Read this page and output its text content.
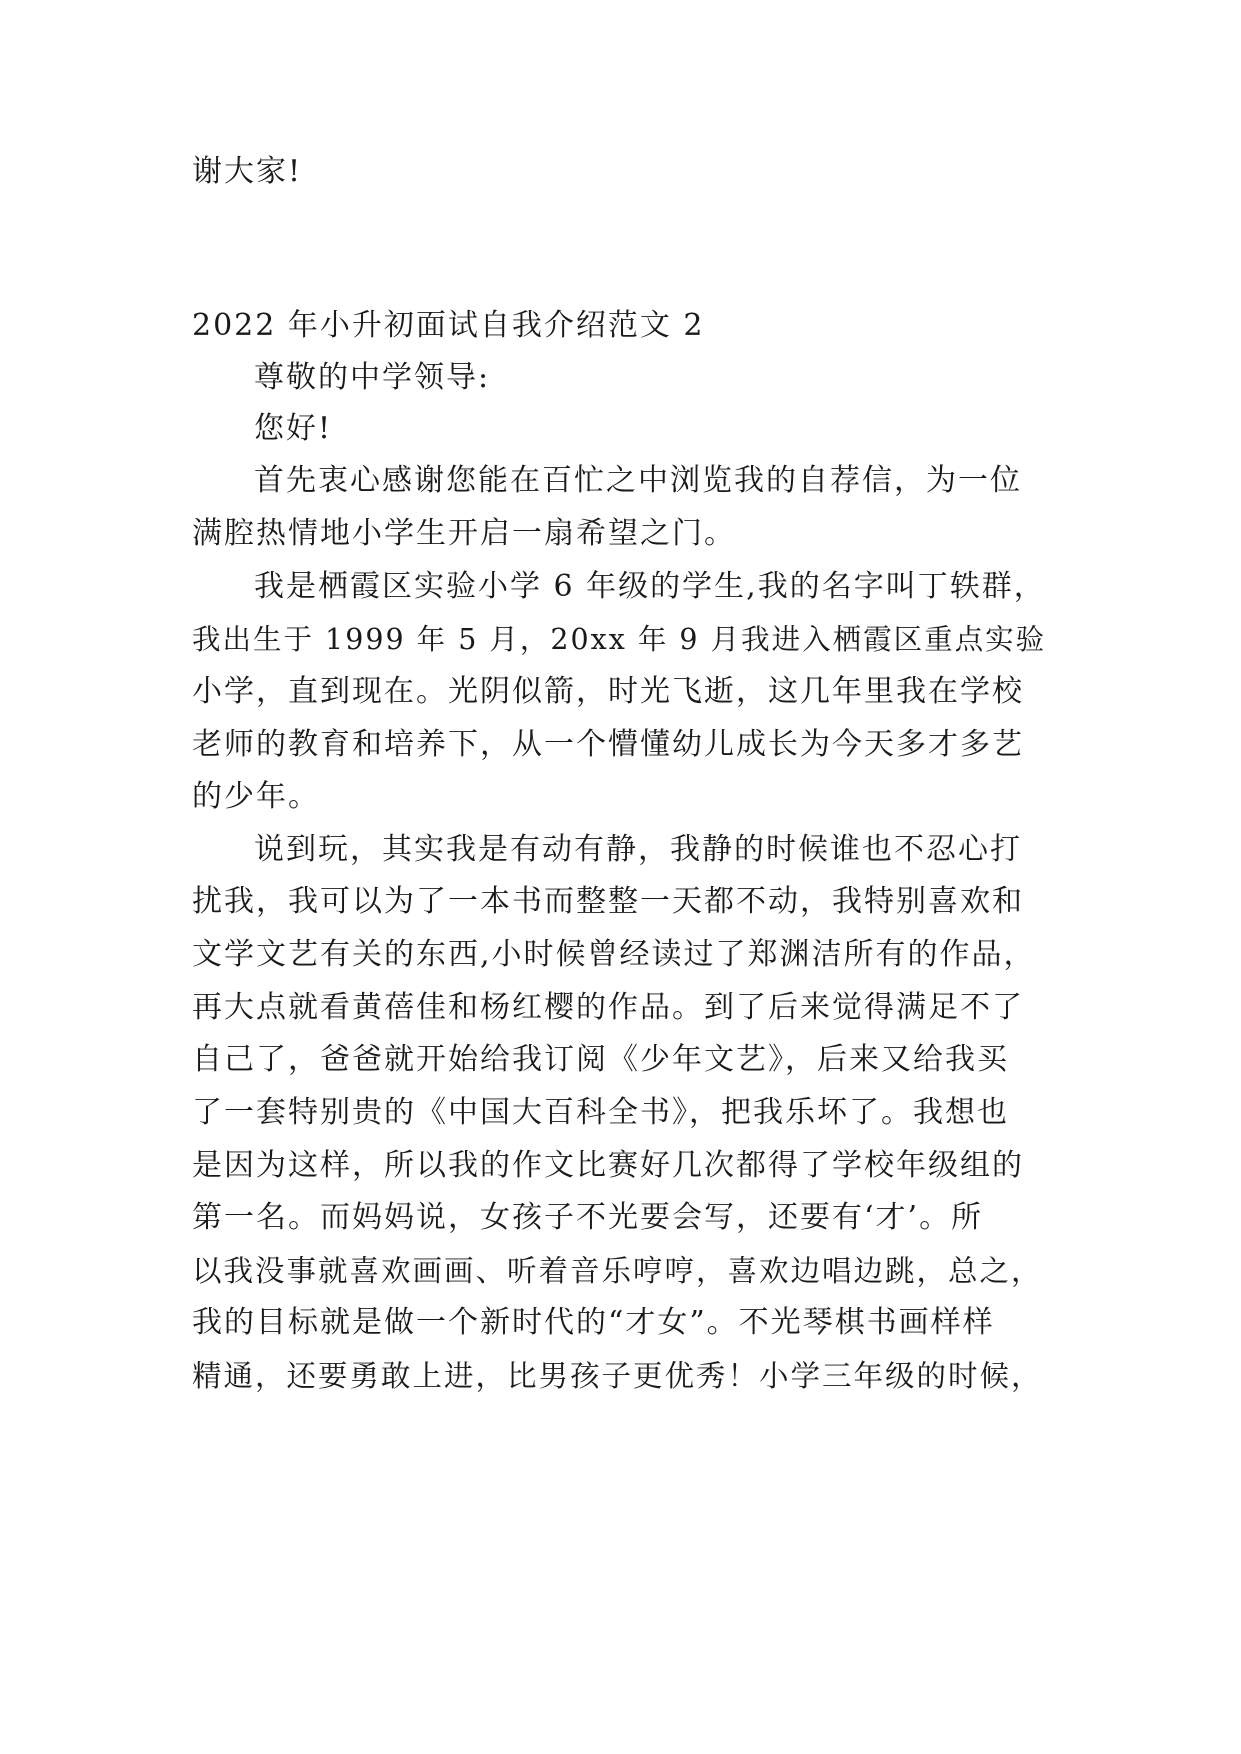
谢大家!
2022 年小升初面试自我介绍范文 2
尊敬的中学领导:
您好!
首先衷心感谢您能在百忙之中浏览我的自荐信，为一位
满腔热情地小学生开启一扇希望之门。
我是栖霞区实验小学 6 年级的学生,我的名字叫丁轶群，
我出生于 1999 年 5 月，20xx 年 9 月我进入栖霞区重点实验
小学，直到现在。光阴似箭，时光飞逝，这几年里我在学校
老师的教育和培养下，从一个懵懂幼儿成长为今天多才多艺
的少年。
说到玩，其实我是有动有静，我静的时候谁也不忍心打
扰我，我可以为了一本书而整整一天都不动，我特别喜欢和
文学文艺有关的东西,小时候曾经读过了郑渊洁所有的作品，
再大点就看黄蓓佳和杨红樱的作品。到了后来觉得满足不了
自己了，爸爸就开始给我订阅《少年文艺》，后来又给我买
了一套特别贵的《中国大百科全书》，把我乐坏了。我想也
是因为这样，所以我的作文比赛好几次都得了学校年级组的
第一名。而妈妈说，女孩子不光要会写，还要有‘才’。所
以我没事就喜欢画画、听着音乐哼哼，喜欢边唱边跳，总之，
我的目标就是做一个新时代的“才女”。不光琴棋书画样样
精通，还要勇敢上进，比男孩子更优秀！小学三年级的时候，
